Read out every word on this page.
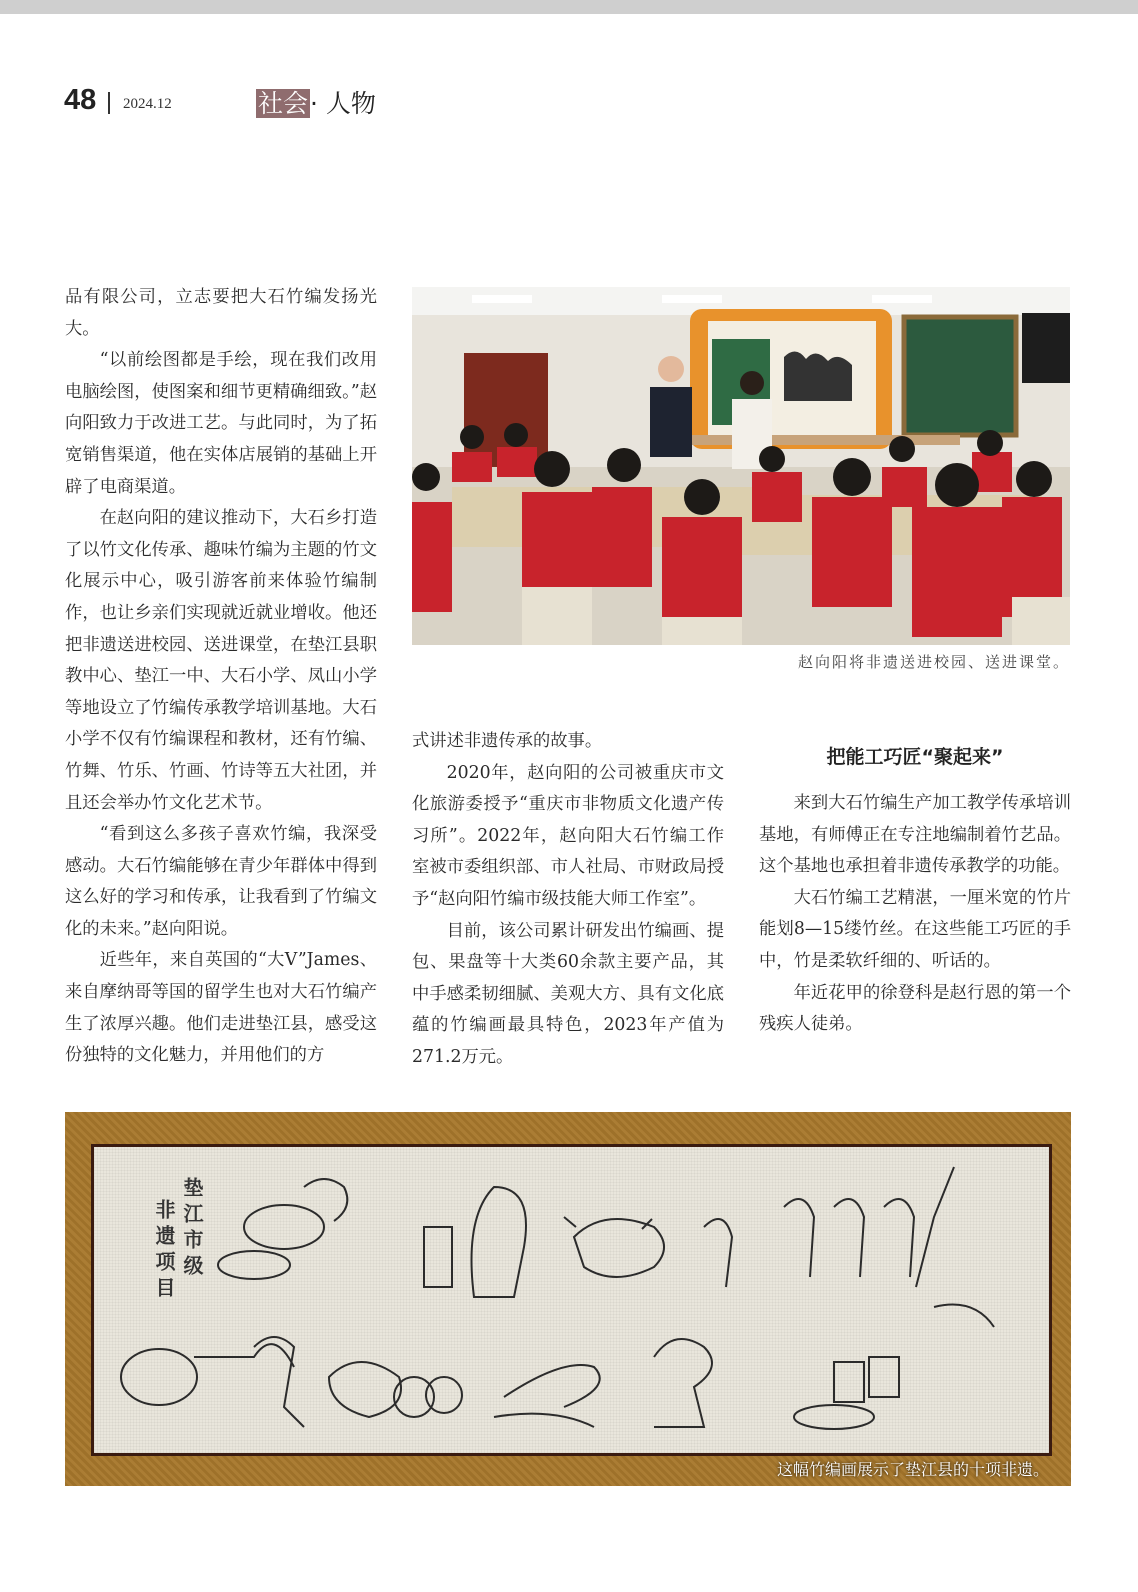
48 2024.12	社会· 人物

品有限公司，立志要把大石竹编发扬光大。

“以前绘图都是手绘，现在我们改用电脑绘图，使图案和细节更精确细致。”赵向阳致力于改进工艺。与此同时，为了拓宽销售渠道，他在实体店展销的基础上开辟了电商渠道。

在赵向阳的建议推动下，大石乡打造了以竹文化传承、趣味竹编为主题的竹文化展示中心，吸引游客前来体验竹编制作，也让乡亲们实现就近就业增收。他还把非遗送进校园、送进课堂，在垫江县职教中心、垫江一中、大石小学、凤山小学等地设立了竹编传承教学培训基地。大石小学不仅有竹编课程和教材，还有竹编、竹舞、竹乐、竹画、竹诗等五大社团，并且还会举办竹文化艺术节。

“看到这么多孩子喜欢竹编，我深受感动。大石竹编能够在青少年群体中得到这么好的学习和传承，让我看到了竹编文化的未来。”赵向阳说。

近些年，来自英国的“大V”James、来自摩纳哥等国的留学生也对大石竹编产生了浓厚兴趣。他们走进垫江县，感受这份独特的文化魅力，并用他们的方

赵向阳将非遗送进校园、送进课堂。

式讲述非遗传承的故事。

2020年，赵向阳的公司被重庆市文化旅游委授予“重庆市非物质文化遗产传习所”。2022年，赵向阳大石竹编工作室被市委组织部、市人社局、市财政局授予“赵向阳竹编市级技能大师工作室”。

目前，该公司累计研发出竹编画、提包、果盘等十大类60余款主要产品，其中手感柔韧细腻、美观大方、具有文化底蕴的竹编画最具特色，2023年产值为271.2万元。

把能工巧匠“聚起来”

来到大石竹编生产加工教学传承培训基地，有师傅正在专注地编制着竹艺品。这个基地也承担着非遗传承教学的功能。

大石竹编工艺精湛，一厘米宽的竹片能划8—15缕竹丝。在这些能工巧匠的手中，竹是柔软纤细的、听话的。

年近花甲的徐登科是赵行恩的第一个残疾人徒弟。

垫江市级
非遗项目
这幅竹编画展示了垫江县的十项非遗。
